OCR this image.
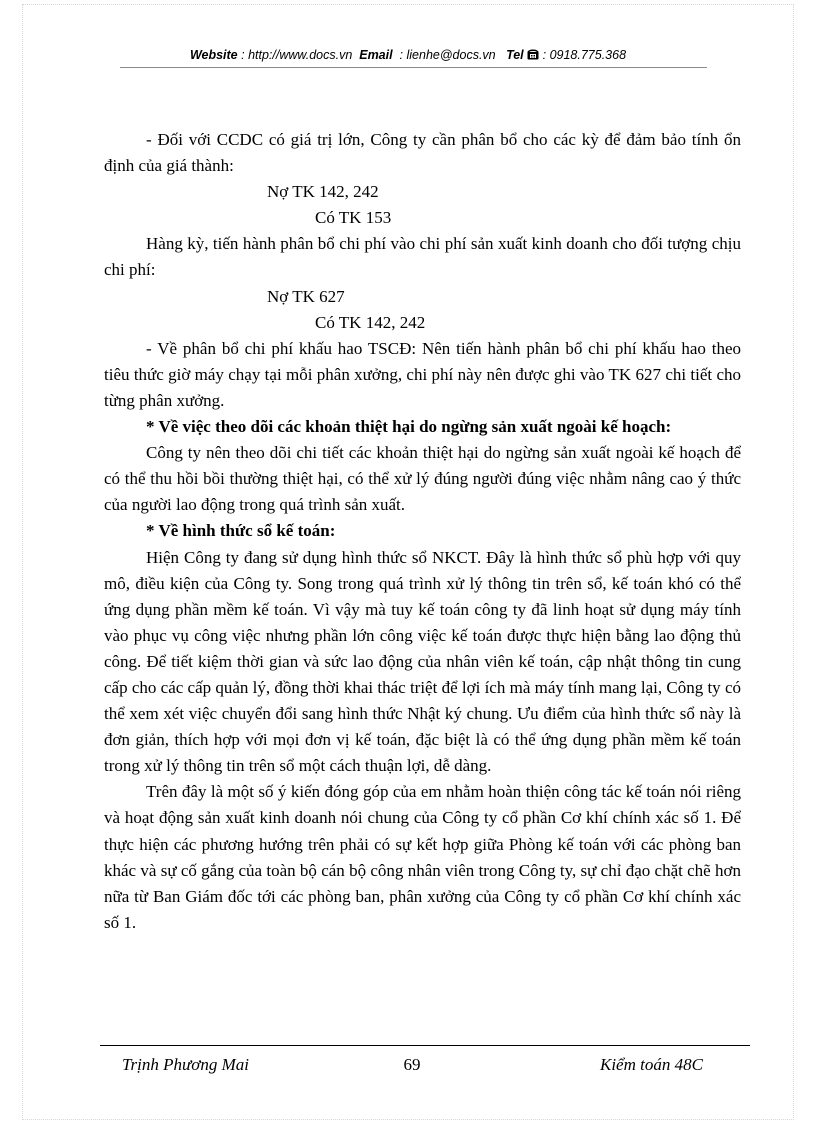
Website : http://www.docs.vn Email  : lienhe@docs.vn Tel  : 0918.775.368

- Đối với CCDC có giá trị lớn, Công ty cần phân bổ cho các kỳ để đảm bảo tính ổn định của giá thành:

Nợ TK 142, 242

Có TK 153

Hàng kỳ, tiến hành phân bổ chi phí vào chi phí sản xuất kinh doanh cho đối tượng chịu chi phí:

Nợ TK 627

Có TK 142, 242

- Về phân bổ chi phí khấu hao TSCĐ: Nên tiến hành phân bổ chi phí khấu hao theo tiêu thức giờ máy chạy tại mỗi phân xưởng, chi phí này nên được ghi vào TK 627 chi tiết cho từng phân xưởng.

* Về việc theo dõi các khoản thiệt hại do ngừng sản xuất ngoài kế hoạch:

Công ty nên theo dõi chi tiết các khoản thiệt hại do ngừng sản xuất ngoài kế hoạch để có thể thu hồi bồi thường thiệt hại, có thể xử lý đúng người đúng việc nhằm nâng cao ý thức của người lao động trong quá trình sản xuất.

* Về hình thức sổ kế toán:

Hiện Công ty đang sử dụng hình thức sổ NKCT. Đây là hình thức sổ phù hợp với quy mô, điều kiện của Công ty. Song trong quá trình xử lý thông tin trên sổ, kế toán khó có thể ứng dụng phần mềm kế toán. Vì vậy mà tuy kế toán công ty đã linh hoạt sử dụng máy tính vào phục vụ công việc nhưng phần lớn công việc kế toán được thực hiện bằng lao động thủ công. Để tiết kiệm thời gian và sức lao động của nhân viên kế toán, cập nhật thông tin cung cấp cho các cấp quản lý, đồng thời khai thác triệt để lợi ích mà máy tính mang lại, Công ty có thể xem xét việc chuyển đổi sang hình thức Nhật ký chung. Ưu điểm của hình thức sổ này là đơn giản, thích hợp với mọi đơn vị kế toán, đặc biệt là có thể ứng dụng phần mềm kế toán trong xử lý thông tin trên sổ một cách thuận lợi, dễ dàng.

Trên đây là một số ý kiến đóng góp của em nhằm hoàn thiện công tác kế toán nói riêng và hoạt động sản xuất kinh doanh nói chung của Công ty cổ phần Cơ khí chính xác số 1. Để thực hiện các phương hướng trên phải có sự kết hợp giữa Phòng kế toán với các phòng ban khác và sự cố gắng của toàn bộ cán bộ công nhân viên trong Công ty, sự chỉ đạo chặt chẽ hơn nữa từ Ban Giám đốc tới các phòng ban, phân xưởng của Công ty cổ phần Cơ khí chính xác số 1.

Trịnh Phương Mai	69	Kiểm toán 48C
